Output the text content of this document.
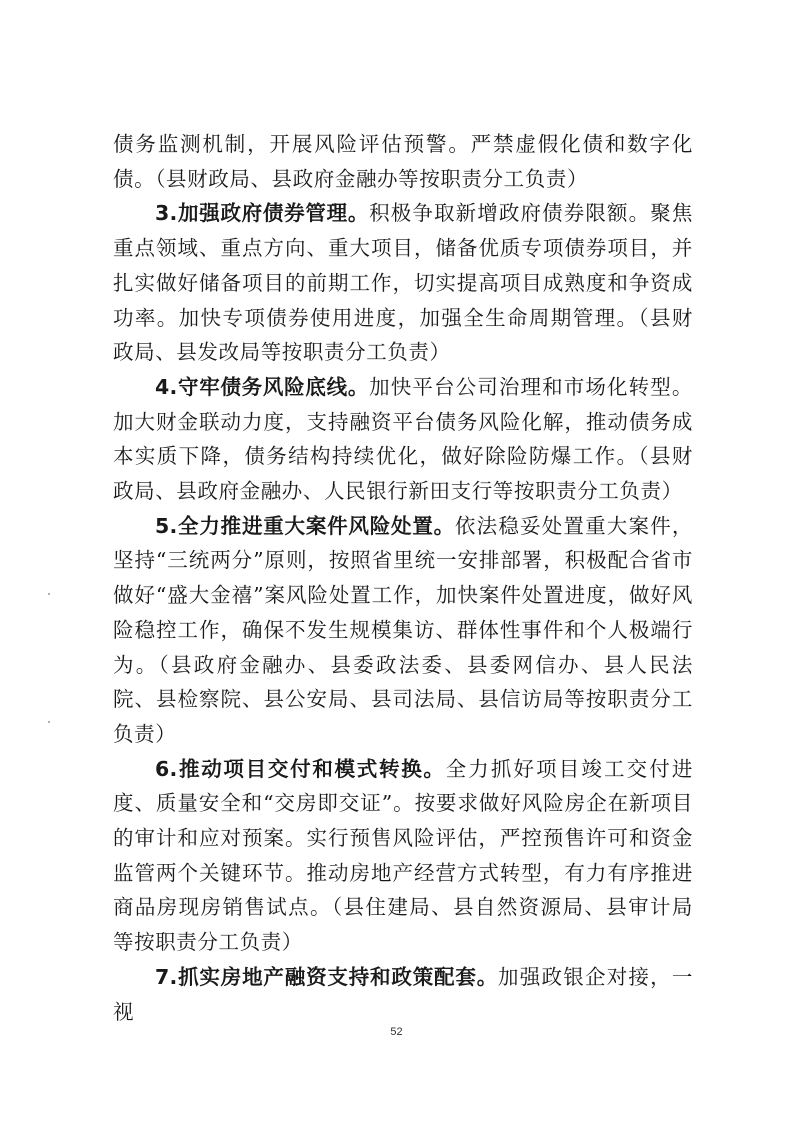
债务监测机制，开展风险评估预警。严禁虚假化债和数字化债。（县财政局、县政府金融办等按职责分工负责）

3.加强政府债券管理。积极争取新增政府债券限额。聚焦重点领域、重点方向、重大项目，储备优质专项债券项目，并扎实做好储备项目的前期工作，切实提高项目成熟度和争资成功率。加快专项债券使用进度，加强全生命周期管理。（县财政局、县发改局等按职责分工负责）

4.守牢债务风险底线。加快平台公司治理和市场化转型。加大财金联动力度，支持融资平台债务风险化解，推动债务成本实质下降，债务结构持续优化，做好除险防爆工作。（县财政局、县政府金融办、人民银行新田支行等按职责分工负责）

5.全力推进重大案件风险处置。依法稳妥处置重大案件，坚持“三统两分”原则，按照省里统一安排部署，积极配合省市做好“盛大金禧”案风险处置工作，加快案件处置进度，做好风险稳控工作，确保不发生规模集访、群体性事件和个人极端行为。（县政府金融办、县委政法委、县委网信办、县人民法院、县检察院、县公安局、县司法局、县信访局等按职责分工负责）

6.推动项目交付和模式转换。全力抓好项目竣工交付进度、质量安全和“交房即交证”。按要求做好风险房企在新项目的审计和应对预案。实行预售风险评估，严控预售许可和资金监管两个关键环节。推动房地产经营方式转型，有力有序推进商品房现房销售试点。（县住建局、县自然资源局、县审计局等按职责分工负责）

7.抓实房地产融资支持和政策配套。加强政银企对接，一视

52
